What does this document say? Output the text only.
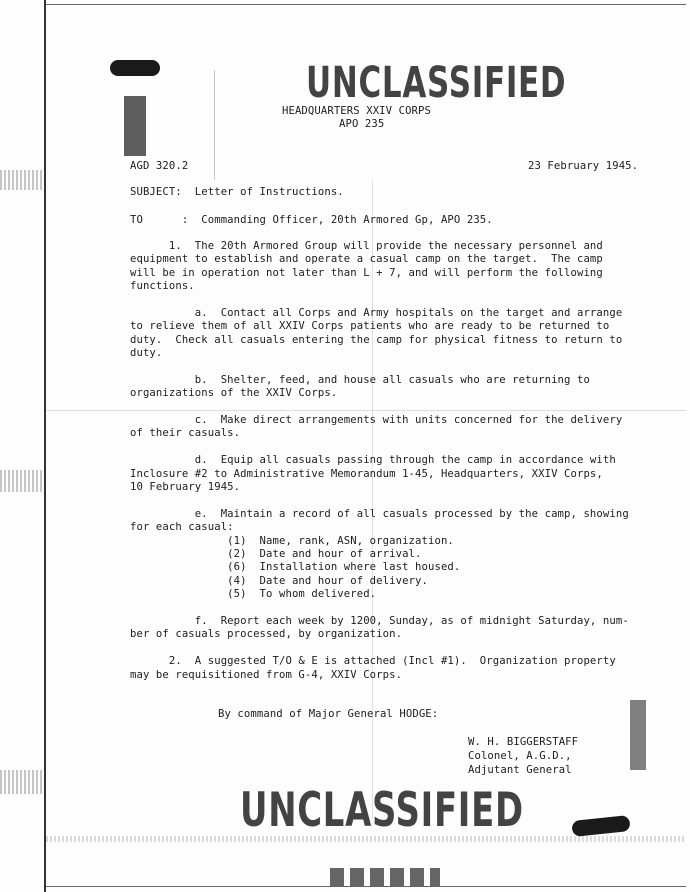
UNCLASSIFIED
UNCLASSIFIED
HEADQUARTERS XXIV CORPS
APO 235
AGD 320.2	23 February 1945.
SUBJECT:  Letter of Instructions.
TO      :  Commanding Officer, 20th Armored Gp, APO 235.
1.  The 20th Armored Group will provide the necessary personnel and
equipment to establish and operate a casual camp on the target.  The camp
will be in operation not later than L + 7, and will perform the following
functions.
a.  Contact all Corps and Army hospitals on the target and arrange
to relieve them of all XXIV Corps patients who are ready to be returned to
duty.  Check all casuals entering the camp for physical fitness to return to
duty.
b.  Shelter, feed, and house all casuals who are returning to
organizations of the XXIV Corps.
c.  Make direct arrangements with units concerned for the delivery
of their casuals.
d.  Equip all casuals passing through the camp in accordance with
Inclosure #2 to Administrative Memorandum 1-45, Headquarters, XXIV Corps,
10 February 1945.
e.  Maintain a record of all casuals processed by the camp, showing
for each casual:
(1)  Name, rank, ASN, organization.
(2)  Date and hour of arrival.
(6)  Installation where last housed.
(4)  Date and hour of delivery.
(5)  To whom delivered.
f.  Report each week by 1200, Sunday, as of midnight Saturday, num-
ber of casuals processed, by organization.
2.  A suggested T/O & E is attached (Incl #1).  Organization property
may be requisitioned from G-4, XXIV Corps.
By command of Major General HODGE:
W. H. BIGGERSTAFF
Colonel, A.G.D.,
Adjutant General
